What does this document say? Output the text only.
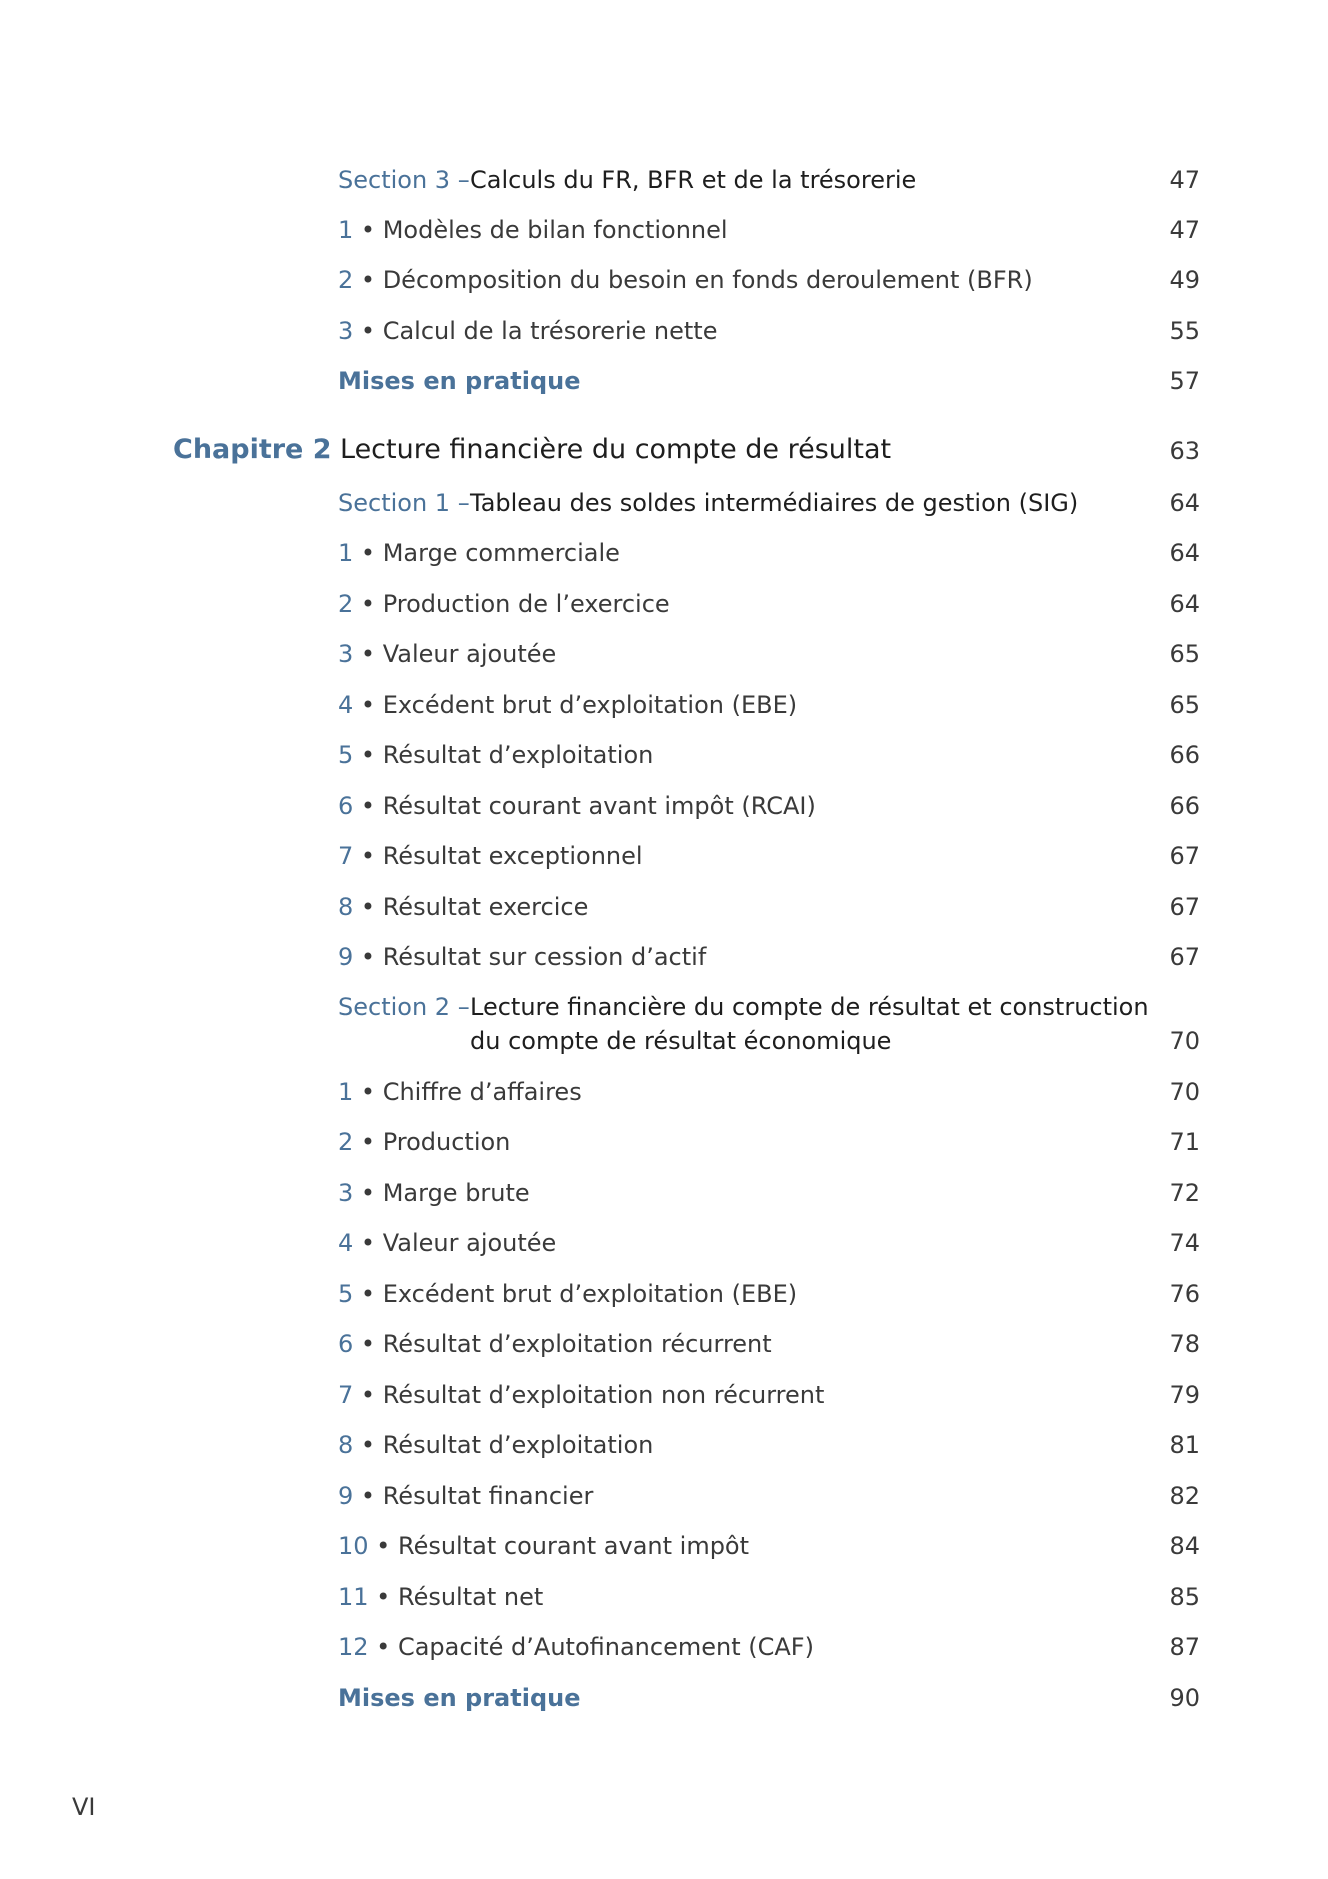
Section 3 – Calculs du FR, BFR et de la trésorerie	47
1 • Modèles de bilan fonctionnel	47
2 • Décomposition du besoin en fonds deroulement (BFR)	49
3 • Calcul de la trésorerie nette	55
Mises en pratique	57
Chapitre 2 Lecture financière du compte de résultat	63
Section 1 – Tableau des soldes intermédiaires de gestion (SIG)	64
1 • Marge commerciale	64
2 • Production de l’exercice	64
3 • Valeur ajoutée	65
4 • Excédent brut d’exploitation (EBE)	65
5 • Résultat d’exploitation	66
6 • Résultat courant avant impôt (RCAI)	66
7 • Résultat exceptionnel	67
8 • Résultat exercice	67
9 • Résultat sur cession d’actif	67
Section 2 – Lecture financière du compte de résultat et construction
du compte de résultat économique	70
1 • Chiffre d’affaires	70
2 • Production	71
3 • Marge brute	72
4 • Valeur ajoutée	74
5 • Excédent brut d’exploitation (EBE)	76
6 • Résultat d’exploitation récurrent	78
7 • Résultat d’exploitation non récurrent	79
8 • Résultat d’exploitation	81
9 • Résultat financier	82
10 • Résultat courant avant impôt	84
11 • Résultat net	85
12 • Capacité d’Autofinancement (CAF)	87
Mises en pratique	90
VI
